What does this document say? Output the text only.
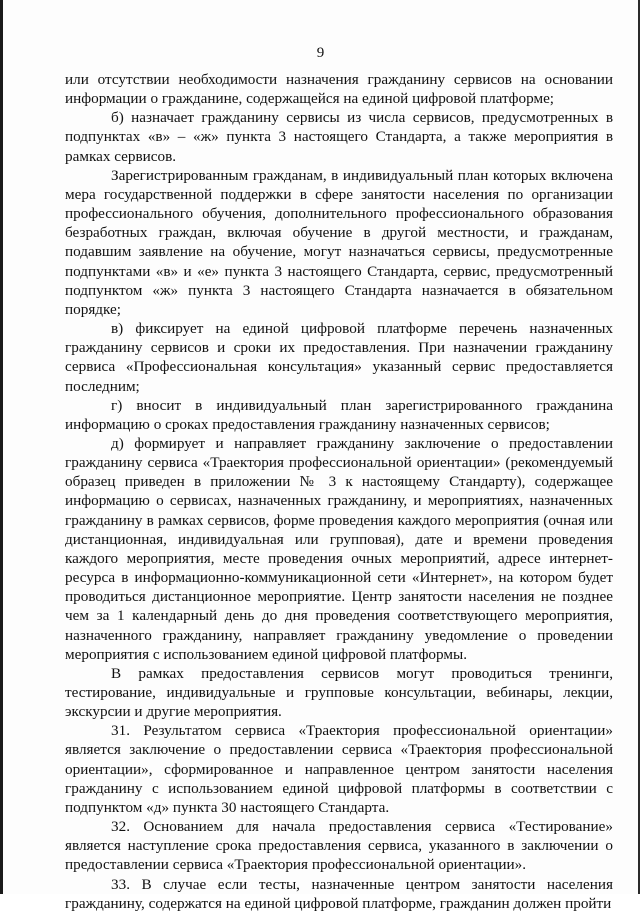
9

или отсутствии необходимости назначения гражданину сервисов на основании информации о гражданине, содержащейся на единой цифровой платформе;

б) назначает гражданину сервисы из числа сервисов, предусмотренных в подпунктах «в» – «ж» пункта 3 настоящего Стандарта, а также мероприятия в рамках сервисов.

Зарегистрированным гражданам, в индивидуальный план которых включена мера государственной поддержки в сфере занятости населения по организации профессионального обучения, дополнительного профессионального образования безработных граждан, включая обучение в другой местности, и гражданам, подавшим заявление на обучение, могут назначаться сервисы, предусмотренные подпунктами «в» и «е» пункта 3 настоящего Стандарта, сервис, предусмотренный подпунктом «ж» пункта 3 настоящего Стандарта назначается в обязательном порядке;

в) фиксирует на единой цифровой платформе перечень назначенных гражданину сервисов и сроки их предоставления. При назначении гражданину сервиса «Профессиональная консультация» указанный сервис предоставляется последним;

г) вносит в индивидуальный план зарегистрированного гражданина информацию о сроках предоставления гражданину назначенных сервисов;

д) формирует и направляет гражданину заключение о предоставлении гражданину сервиса «Траектория профессиональной ориентации» (рекомендуемый образец приведен в приложении № 3 к настоящему Стандарту), содержащее информацию о сервисах, назначенных гражданину, и мероприятиях, назначенных гражданину в рамках сервисов, форме проведения каждого мероприятия (очная или дистанционная, индивидуальная или групповая), дате и времени проведения каждого мероприятия, месте проведения очных мероприятий, адресе интернет-ресурса в информационно-коммуникационной сети «Интернет», на котором будет проводиться дистанционное мероприятие. Центр занятости населения не позднее чем за 1 календарный день до дня проведения соответствующего мероприятия, назначенного гражданину, направляет гражданину уведомление о проведении мероприятия с использованием единой цифровой платформы.

В рамках предоставления сервисов могут проводиться тренинги, тестирование, индивидуальные и групповые консультации, вебинары, лекции, экскурсии и другие мероприятия.

31. Результатом сервиса «Траектория профессиональной ориентации» является заключение о предоставлении сервиса «Траектория профессиональной ориентации», сформированное и направленное центром занятости населения гражданину с использованием единой цифровой платформы в соответствии с подпунктом «д» пункта 30 настоящего Стандарта.

32. Основанием для начала предоставления сервиса «Тестирование» является наступление срока предоставления сервиса, указанного в заключении о предоставлении сервиса «Траектория профессиональной ориентации».

33. В случае если тесты, назначенные центром занятости населения гражданину, содержатся на единой цифровой платформе, гражданин должен пройти
